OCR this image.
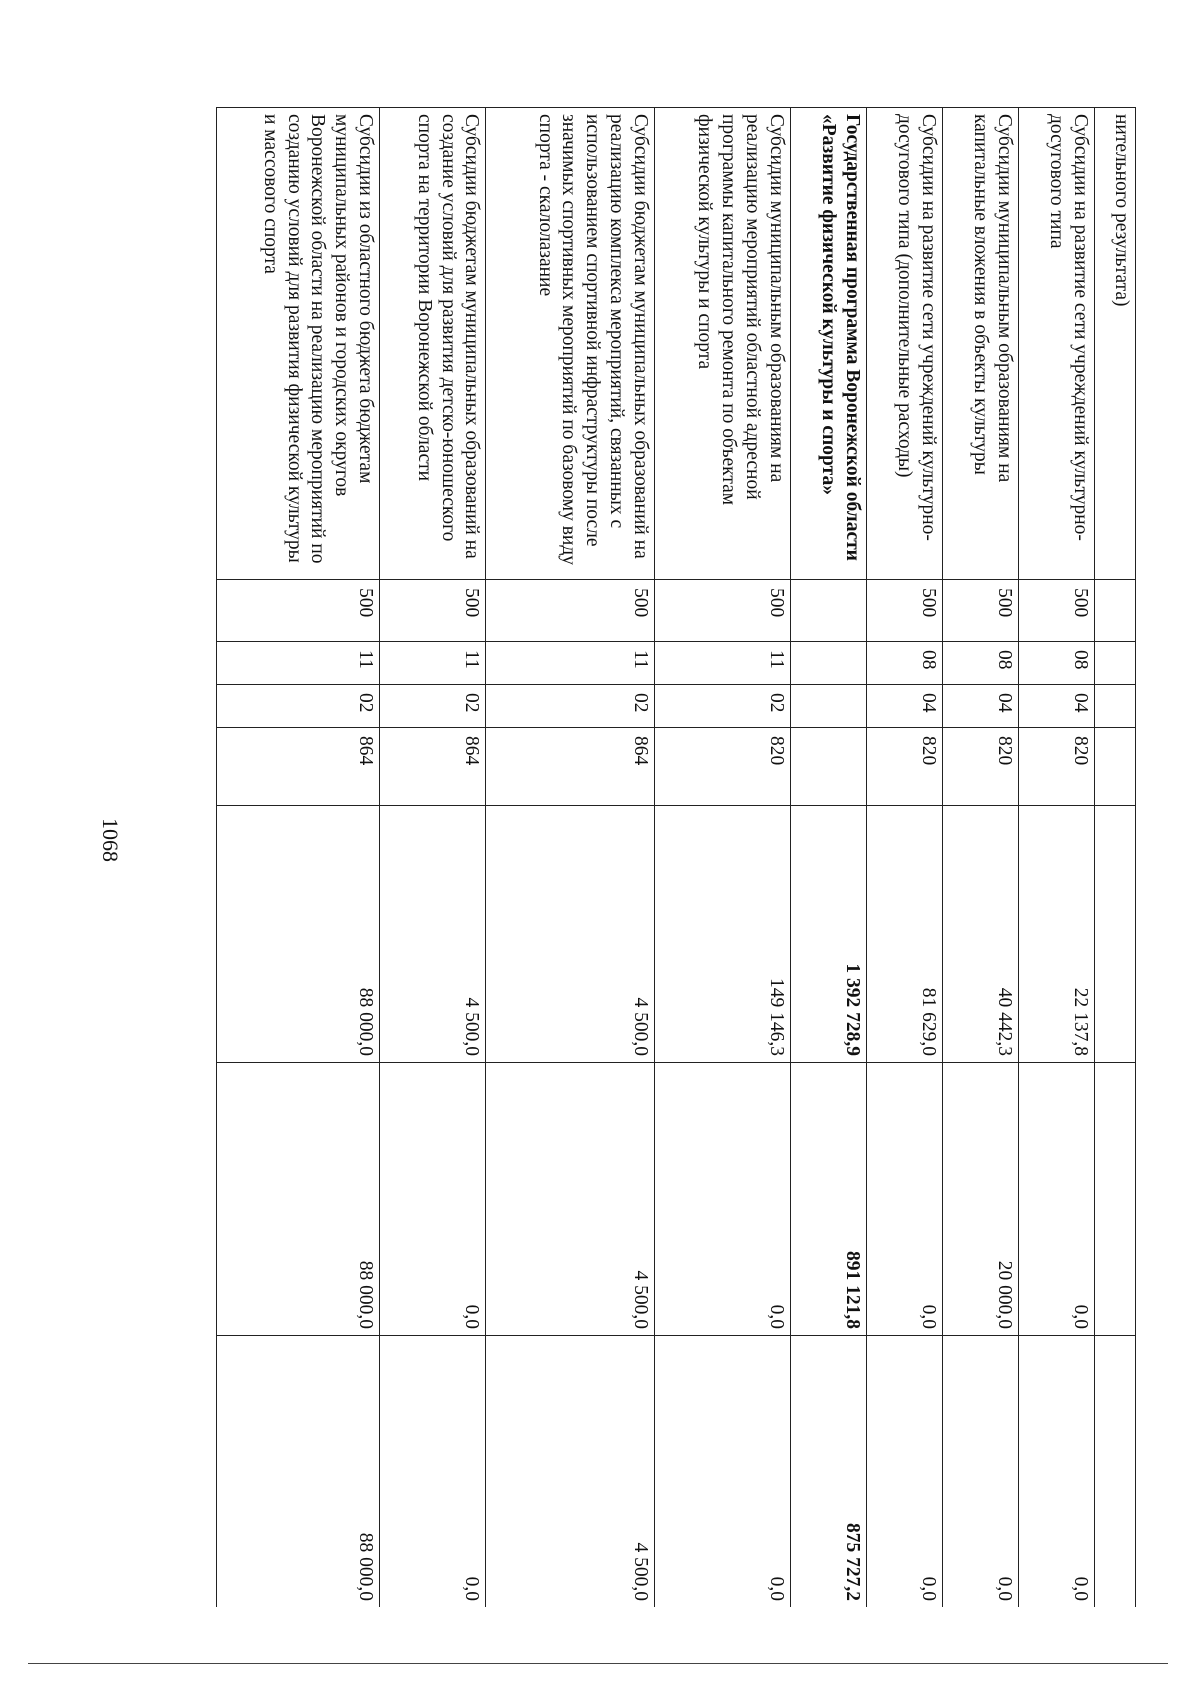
1068
нительного результата)							
Субсидии на развитие сети учреждений культурно-досугового типа	500	08	04	820	22 137,8	0,0	0,0
Субсидии муниципальным образованиям на капитальные вложения в объекты культуры	500	08	04	820	40 442,3	20 000,0	0,0
Субсидии на развитие сети учреждений культурно-досугового типа (дополнительные расходы)	500	08	04	820	81 629,0	0,0	0,0
Государственная программа Воронежской области «Развитие физической культуры и спорта»					1 392 728,9	891 121,8	875 727,2
Субсидии муниципальным образованиям на реализацию мероприятий областной адресной программы капитального ремонта по объектам физической культуры и спорта	500	11	02	820	149 146,3	0,0	0,0
Субсидии бюджетам муниципальных образований на реализацию комплекса мероприятий, связанных с использованием спортивной инфраструктуры после значимых спортивных мероприятий по базовому виду спорта - скалолазание	500	11	02	864	4 500,0	4 500,0	4 500,0
Субсидии бюджетам муниципальных образований на создание условий для развития детско-юношеского спорта на территории Воронежской области	500	11	02	864	4 500,0	0,0	0,0
Субсидии из областного бюджета бюджетам муниципальных районов и городских округов Воронежской области на реализацию мероприятий по созданию условий для развития физической культуры и массового спорта	500	11	02	864	88 000,0	88 000,0	88 000,0
